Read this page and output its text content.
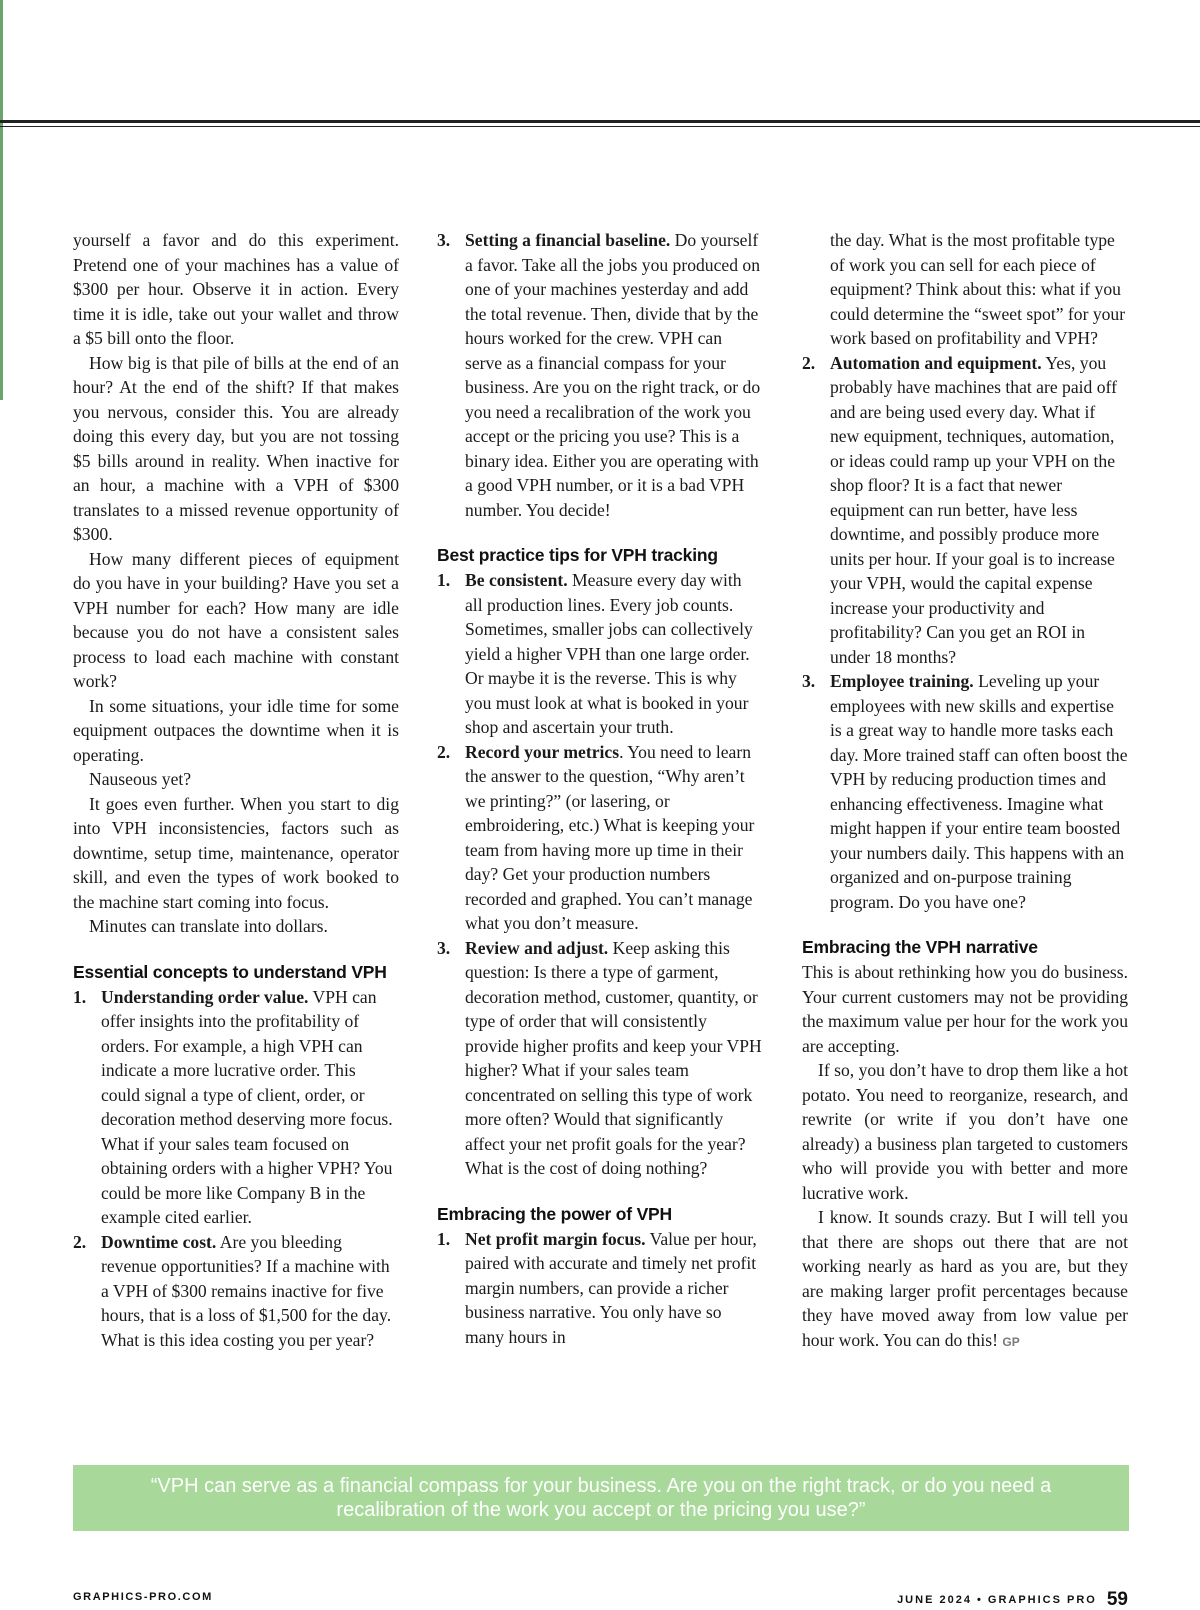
yourself a favor and do this experiment. Pretend one of your machines has a value of $300 per hour. Observe it in action. Every time it is idle, take out your wallet and throw a $5 bill onto the floor.

How big is that pile of bills at the end of an hour? At the end of the shift? If that makes you nervous, consider this. You are already doing this every day, but you are not tossing $5 bills around in reality. When inactive for an hour, a machine with a VPH of $300 translates to a missed revenue opportunity of $300.

How many different pieces of equipment do you have in your building? Have you set a VPH number for each? How many are idle because you do not have a consistent sales process to load each machine with constant work?

In some situations, your idle time for some equipment outpaces the downtime when it is operating.

Nauseous yet?

It goes even further. When you start to dig into VPH inconsistencies, factors such as downtime, setup time, maintenance, operator skill, and even the types of work booked to the machine start coming into focus.

Minutes can translate into dollars.

Essential concepts to understand VPH
1. Understanding order value. VPH can offer insights into the profitability of orders. For example, a high VPH can indicate a more lucrative order. This could signal a type of client, order, or decoration method deserving more focus. What if your sales team focused on obtaining orders with a higher VPH? You could be more like Company B in the example cited earlier.
2. Downtime cost. Are you bleeding revenue opportunities? If a machine with a VPH of $300 remains inactive for five hours, that is a loss of $1,500 for the day. What is this idea costing you per year?
3. Setting a financial baseline. Do yourself a favor. Take all the jobs you produced on one of your machines yesterday and add the total revenue. Then, divide that by the hours worked for the crew. VPH can serve as a financial compass for your business. Are you on the right track, or do you need a recalibration of the work you accept or the pricing you use? This is a binary idea. Either you are operating with a good VPH number, or it is a bad VPH number. You decide!
Best practice tips for VPH tracking
1. Be consistent. Measure every day with all production lines. Every job counts. Sometimes, smaller jobs can collectively yield a higher VPH than one large order. Or maybe it is the reverse. This is why you must look at what is booked in your shop and ascertain your truth.
2. Record your metrics. You need to learn the answer to the question, “Why aren’t we printing?” (or lasering, or embroidering, etc.) What is keeping your team from having more up time in their day? Get your production numbers recorded and graphed. You can’t manage what you don’t measure.
3. Review and adjust. Keep asking this question: Is there a type of garment, decoration method, customer, quantity, or type of order that will consistently provide higher profits and keep your VPH higher? What if your sales team concentrated on selling this type of work more often? Would that significantly affect your net profit goals for the year? What is the cost of doing nothing?
Embracing the power of VPH
1. Net profit margin focus. Value per hour, paired with accurate and timely net profit margin numbers, can provide a richer business narrative. You only have so many hours in

the day. What is the most profitable type of work you can sell for each piece of equipment? Think about this: what if you could determine the “sweet spot” for your work based on profitability and VPH?

2. Automation and equipment. Yes, you probably have machines that are paid off and are being used every day. What if new equipment, techniques, automation, or ideas could ramp up your VPH on the shop floor? It is a fact that newer equipment can run better, have less downtime, and possibly produce more units per hour. If your goal is to increase your VPH, would the capital expense increase your productivity and profitability? Can you get an ROI in under 18 months?
3. Employee training. Leveling up your employees with new skills and expertise is a great way to handle more tasks each day. More trained staff can often boost the VPH by reducing production times and enhancing effectiveness. Imagine what might happen if your entire team boosted your numbers daily. This happens with an organized and on-purpose training program. Do you have one?
Embracing the VPH narrative

This is about rethinking how you do business. Your current customers may not be providing the maximum value per hour for the work you are accepting.

If so, you don’t have to drop them like a hot potato. You need to reorganize, research, and rewrite (or write if you don’t have one already) a business plan targeted to customers who will provide you with better and more lucrative work.

I know. It sounds crazy. But I will tell you that there are shops out there that are not working nearly as hard as you are, but they are making larger profit percentages because they have moved away from low value per hour work. You can do this! GP

“VPH can serve as a financial compass for your business. Are you on the right track, or do you need a recalibration of the work you accept or the pricing you use?”
GRAPHICS-PRO.COM	JUNE 2024 • GRAPHICS PRO 59
